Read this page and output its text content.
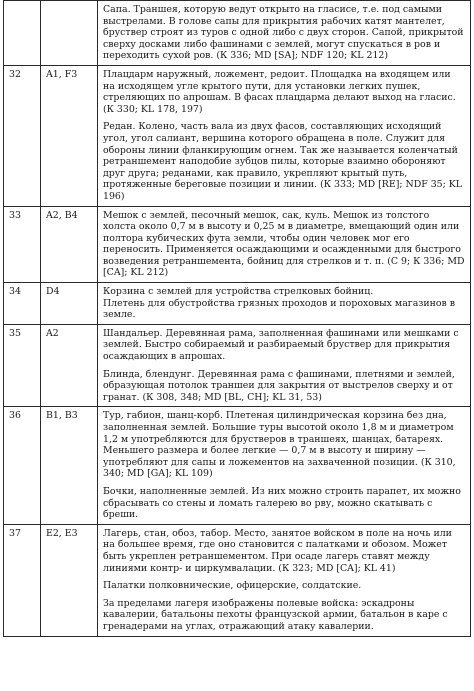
		Сапа. Траншея, которую ведут открыто на гласисе, т.е. под самыми выстрелами. В голове сапы для прикрытия рабочих катят мантелет, бруствер строят из туров с одной либо с двух сторон. Сапой, прикрытой сверху досками либо фашинами с землей, могут спускаться в ров и переходить сухой ров. (К 336; MD [SA]; NDF 120; KL 212)

32	A1, F3	Плацдарм наружный, ложемент, редоит. Площадка на входящем или на исходящем угле крытого пути, для установки легких пушек, стреляющих по апрошам. В фасах плацдарма делают выход на гласис. (К 330; KL 178, 197)
Редан. Колено, часть вала из двух фасов, составляющих исходящий угол, угол салиант, вершина которого обращена в поле. Служит для обороны линии фланкирующим огнем. Так же называется коленчатый ретраншемент наподобие зубцов пилы, которые взаимно обороняют друг друга; реданами, как правило, укрепляют крытый путь, протяженные береговые позиции и линии. (К 333; MD [RE]; NDF 35; KL 196)

33	A2, B4	Мешок с землей, песочный мешок, сак, куль. Мешок из толстого холста около 0,7 м в высоту и 0,25 м в диаметре, вмещающий один или полтора кубических фута земли, чтобы один человек мог его переносить. Применяется осаждающими и осажденными для быстрого возведения ретраншемента, бойниц для стрелков и т. п. (С 9; К 336; MD [CA]; KL 212)

34	D4	Корзина с землей для устройства стрелковых бойниц.
Плетень для обустройства грязных проходов и пороховых магазинов в земле.

35	A2	Шандальер. Деревянная рама, заполненная фашинами или мешками с землей. Быстро собираемый и разбираемый бруствер для прикрытия осаждающих в апрошах.
Блинда, блендунг. Деревянная рама с фашинами, плетнями и землей, образующая потолок траншеи для закрытия от выстрелов сверху и от гранат. (К 308, 348; MD [BL, CH]; KL 31, 53)

36	B1, B3	Тур, габион, шанц-корб. Плетеная цилиндрическая корзина без дна, заполненная землей. Большие туры высотой около 1,8 м и диаметром 1,2 м употребляются для брустверов в траншеях, шанцах, батареях. Меньшего размера и более легкие — 0,7 м в высоту и ширину — употребляют для сапы и ложементов на захваченной позиции. (К 310, 340; MD [GA]; KL 109)
Бочки, наполненные землей. Из них можно строить парапет, их можно сбрасывать со стены и ломать галерею во рву, можно скатывать с бреши.

37	E2, E3	Лагерь, стан, обоз, табор. Место, занятое войском в поле на ночь или на большее время, где оно становится с палатками и обозом. Может быть укреплен ретраншементом. При осаде лагерь ставят между линиями контр- и циркумвалации. (К 323; MD [CA]; KL 41)
Палатки полковнические, офицерские, солдатские.
За пределами лагеря изображены полевые войска: эскадроны кавалерии, батальоны пехоты французской армии, батальон в каре с гренадерами на углах, отражающий атаку кавалерии.
